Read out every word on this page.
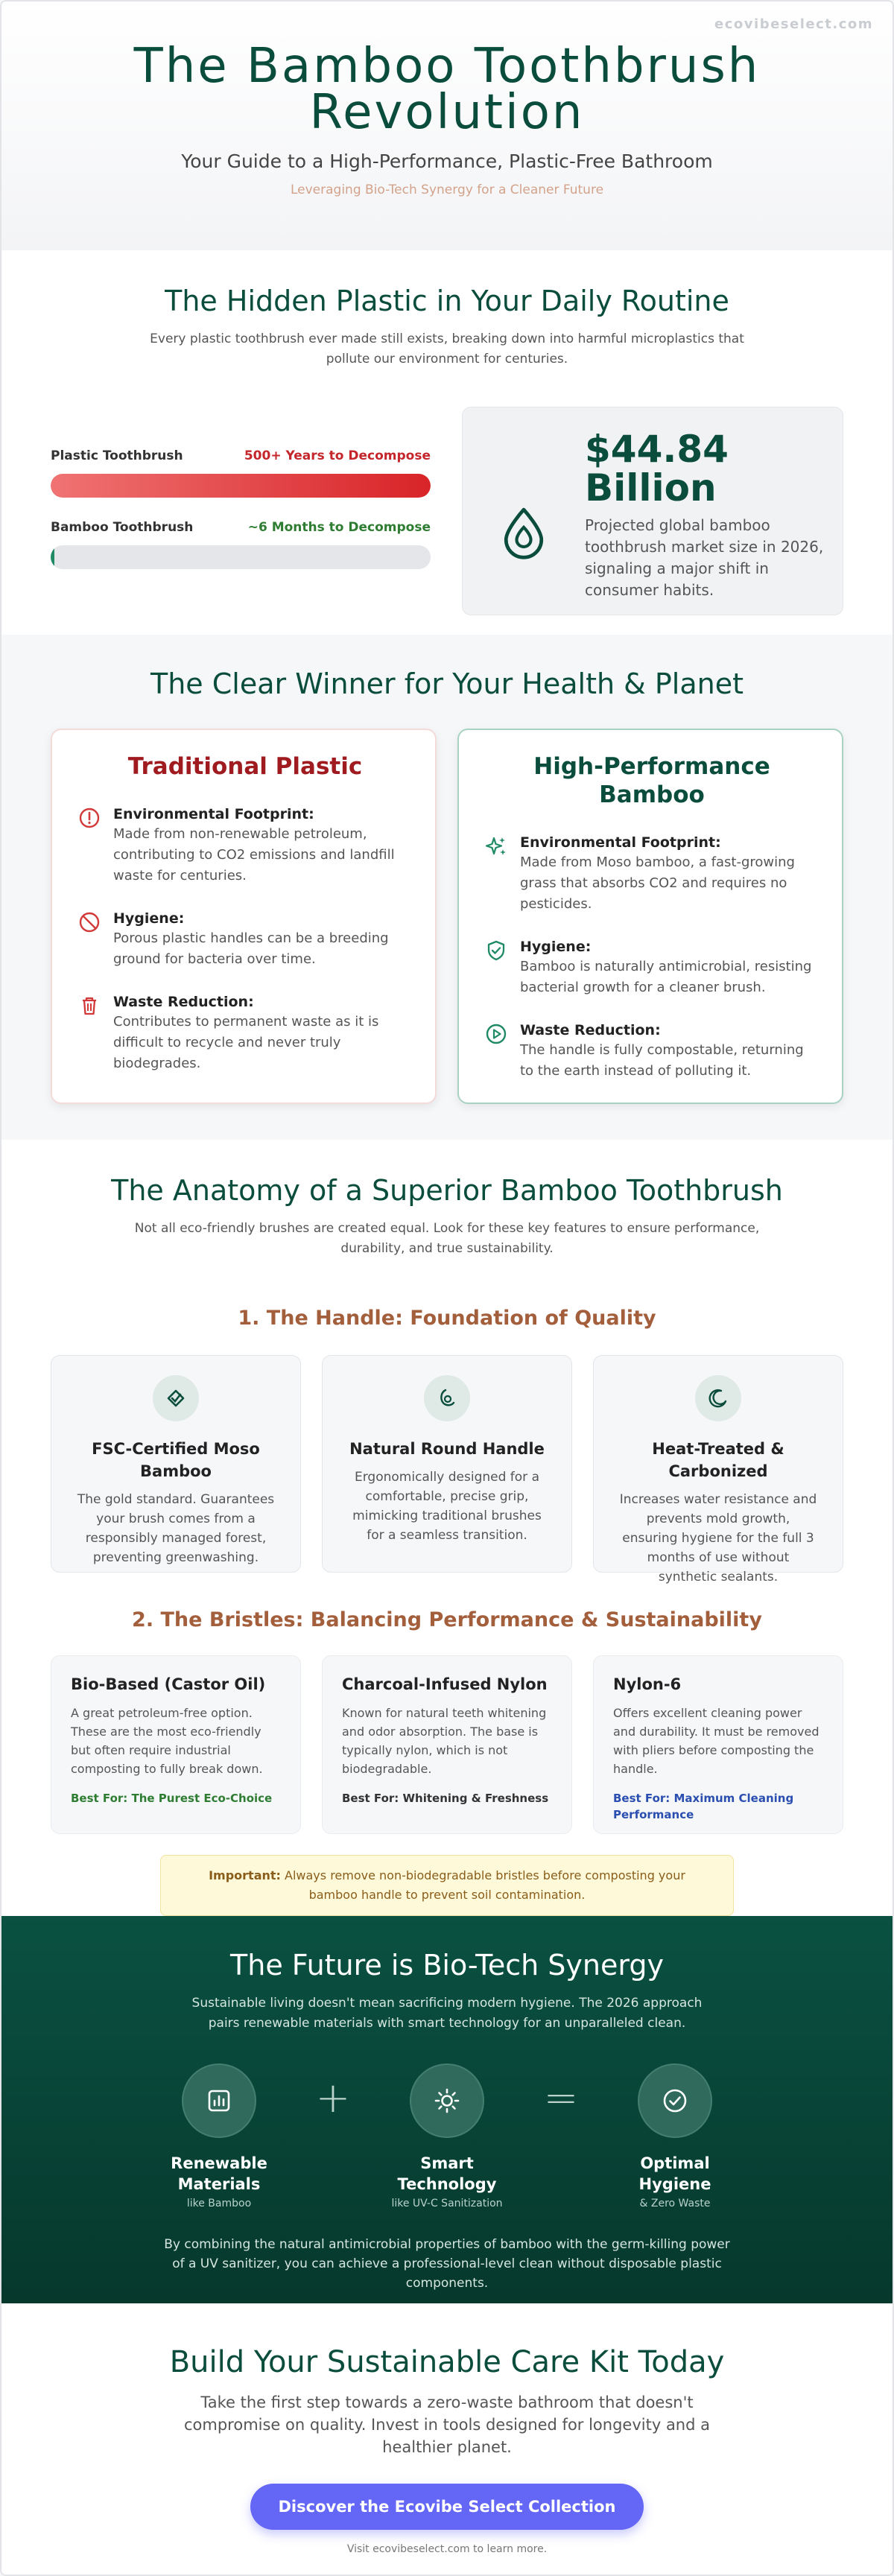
ecovibeselect.com
The Bamboo Toothbrush Revolution
Your Guide to a High-Performance, Plastic-Free Bathroom
Leveraging Bio-Tech Synergy for a Cleaner Future
The Hidden Plastic in Your Daily Routine

Every plastic toothbrush ever made still exists, breaking down into harmful microplastics that pollute our environment for centuries.

Plastic Toothbrush	500+ Years to Decompose
Bamboo Toothbrush	~6 Months to Decompose
$44.84 Billion
Projected global bamboo toothbrush market size in 2026, signaling a major shift in consumer habits.
The Clear Winner for Your Health & Planet
Traditional Plastic
Environmental Footprint:
Made from non-renewable petroleum, contributing to CO2 emissions and landfill waste for centuries.
Hygiene:
Porous plastic handles can be a breeding ground for bacteria over time.
Waste Reduction:
Contributes to permanent waste as it is difficult to recycle and never truly biodegrades.
High-Performance Bamboo
Environmental Footprint:
Made from Moso bamboo, a fast-growing grass that absorbs CO2 and requires no pesticides.
Hygiene:
Bamboo is naturally antimicrobial, resisting bacterial growth for a cleaner brush.
Waste Reduction:
The handle is fully compostable, returning to the earth instead of polluting it.
The Anatomy of a Superior Bamboo Toothbrush

Not all eco-friendly brushes are created equal. Look for these key features to ensure performance, durability, and true sustainability.

1. The Handle: Foundation of Quality
FSC-Certified Moso Bamboo
The gold standard. Guarantees your brush comes from a responsibly managed forest, preventing greenwashing.
Natural Round Handle
Ergonomically designed for a comfortable, precise grip, mimicking traditional brushes for a seamless transition.
Heat-Treated & Carbonized
Increases water resistance and prevents mold growth, ensuring hygiene for the full 3 months of use without synthetic sealants.
2. The Bristles: Balancing Performance & Sustainability
Bio-Based (Castor Oil)
A great petroleum-free option. These are the most eco-friendly but often require industrial composting to fully break down.
Best For: The Purest Eco-Choice
Charcoal-Infused Nylon
Known for natural teeth whitening and odor absorption. The base is typically nylon, which is not biodegradable.
Best For: Whitening & Freshness
Nylon-6
Offers excellent cleaning power and durability. It must be removed with pliers before composting the handle.
Best For: Maximum Cleaning Performance
Important: Always remove non-biodegradable bristles before composting your bamboo handle to prevent soil contamination.
The Future is Bio-Tech Synergy

Sustainable living doesn't mean sacrificing modern hygiene. The 2026 approach pairs renewable materials with smart technology for an unparalleled clean.

Renewable Materials
like Bamboo
+
Smart Technology
like UV-C Sanitization
=
Optimal Hygiene
& Zero Waste

By combining the natural antimicrobial properties of bamboo with the germ-killing power of a UV sanitizer, you can achieve a professional-level clean without disposable plastic components.

Build Your Sustainable Care Kit Today

Take the first step towards a zero-waste bathroom that doesn't compromise on quality. Invest in tools designed for longevity and a healthier planet.

Discover the Ecovibe Select Collection
Visit ecovibeselect.com to learn more.
